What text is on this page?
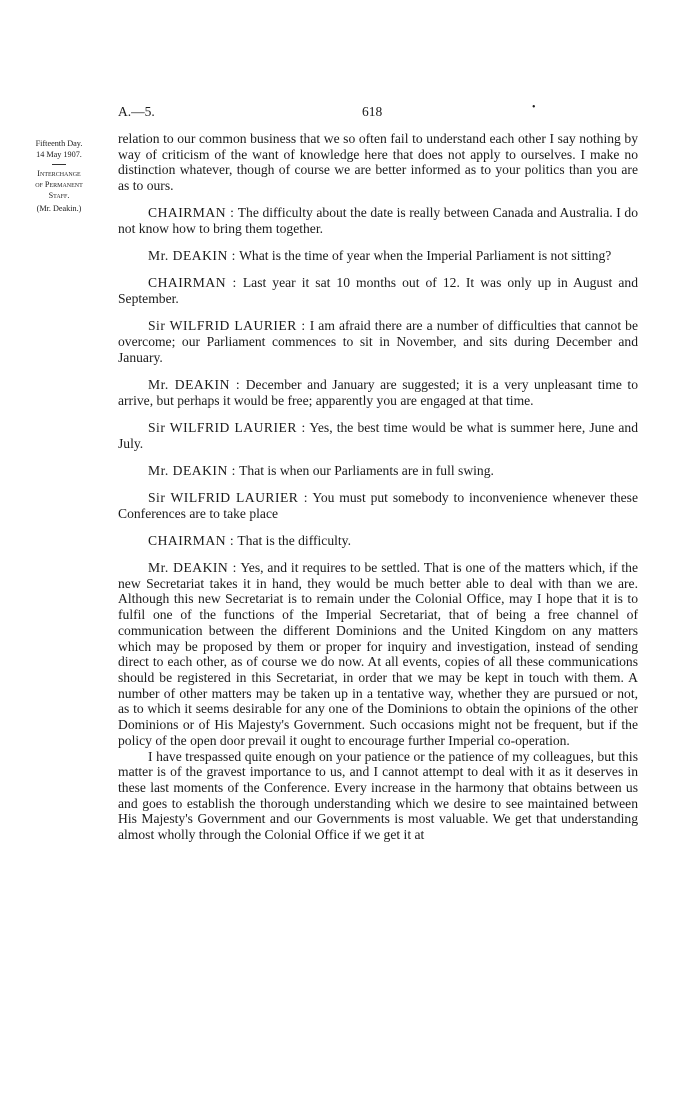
A.—5.	618	•
Fifteenth Day.
14 May 1907.
Interchange
of Permanent
Staff.
(Mr. Deakin.)

relation to our common business that we so often fail to understand each other I say nothing by way of criticism of the want of knowledge here that does not apply to ourselves. I make no distinction whatever, though of course we are better informed as to your politics than you are as to ours.

CHAIRMAN : The difficulty about the date is really between Canada and Australia. I do not know how to bring them together.

Mr. DEAKIN : What is the time of year when the Imperial Parliament is not sitting?

CHAIRMAN : Last year it sat 10 months out of 12. It was only up in August and September.

Sir WILFRID LAURIER : I am afraid there are a number of difficulties that cannot be overcome; our Parliament commences to sit in November, and sits during December and January.

Mr. DEAKIN : December and January are suggested; it is a very unpleasant time to arrive, but perhaps it would be free; apparently you are engaged at that time.

Sir WILFRID LAURIER : Yes, the best time would be what is summer here, June and July.

Mr. DEAKIN : That is when our Parliaments are in full swing.

Sir WILFRID LAURIER : You must put somebody to inconvenience whenever these Conferences are to take place

CHAIRMAN : That is the difficulty.

Mr. DEAKIN : Yes, and it requires to be settled. That is one of the matters which, if the new Secretariat takes it in hand, they would be much better able to deal with than we are. Although this new Secretariat is to remain under the Colonial Office, may I hope that it is to fulfil one of the functions of the Imperial Secretariat, that of being a free channel of communication between the different Dominions and the United Kingdom on any matters which may be proposed by them or proper for inquiry and investigation, instead of sending direct to each other, as of course we do now. At all events, copies of all these communications should be registered in this Secretariat, in order that we may be kept in touch with them. A number of other matters may be taken up in a tentative way, whether they are pursued or not, as to which it seems desirable for any one of the Dominions to obtain the opinions of the other Dominions or of His Majesty's Government. Such occasions might not be frequent, but if the policy of the open door prevail it ought to encourage further Imperial co-operation.

I have trespassed quite enough on your patience or the patience of my colleagues, but this matter is of the gravest importance to us, and I cannot attempt to deal with it as it deserves in these last moments of the Conference. Every increase in the harmony that obtains between us and goes to establish the thorough understanding which we desire to see maintained between His Majesty's Government and our Governments is most valuable. We get that understanding almost wholly through the Colonial Office if we get it at
